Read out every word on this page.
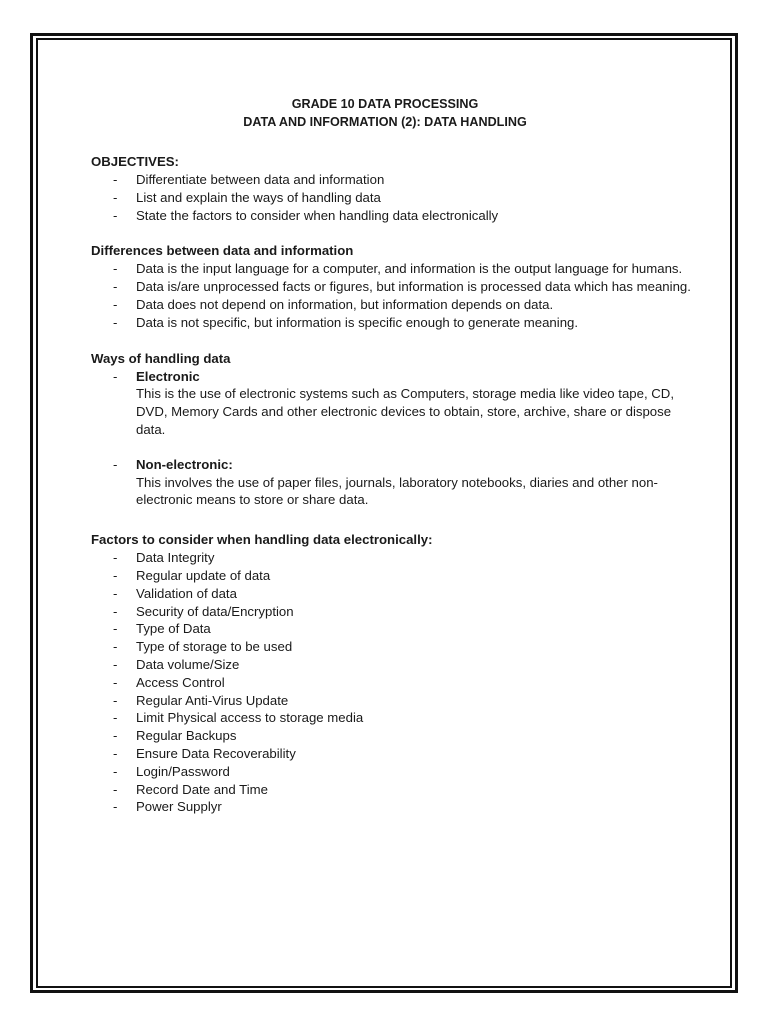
GRADE 10 DATA PROCESSING
DATA AND INFORMATION (2): DATA HANDLING
OBJECTIVES:
- Differentiate between data and information
- List and explain the ways of handling data
- State the factors to consider when handling data electronically
Differences between data and information
- Data is the input language for a computer, and information is the output language for humans.
- Data is/are unprocessed facts or figures, but information is processed data which has meaning.
- Data does not depend on information, but information depends on data.
- Data is not specific, but information is specific enough to generate meaning.
Ways of handling data
- Electronic
This is the use of electronic systems such as Computers, storage media like video tape, CD, DVD, Memory Cards and other electronic devices to obtain, store, archive, share or dispose data.
- Non-electronic:
This involves the use of paper files, journals, laboratory notebooks, diaries and other non-electronic means to store or share data.
Factors to consider when handling data electronically:
- Data Integrity
- Regular update of data
- Validation of data
- Security of data/Encryption
- Type of Data
- Type of storage to be used
- Data volume/Size
- Access Control
- Regular Anti-Virus Update
- Limit Physical access to storage media
- Regular Backups
- Ensure Data Recoverability
- Login/Password
- Record Date and Time
- Power Supplyr
